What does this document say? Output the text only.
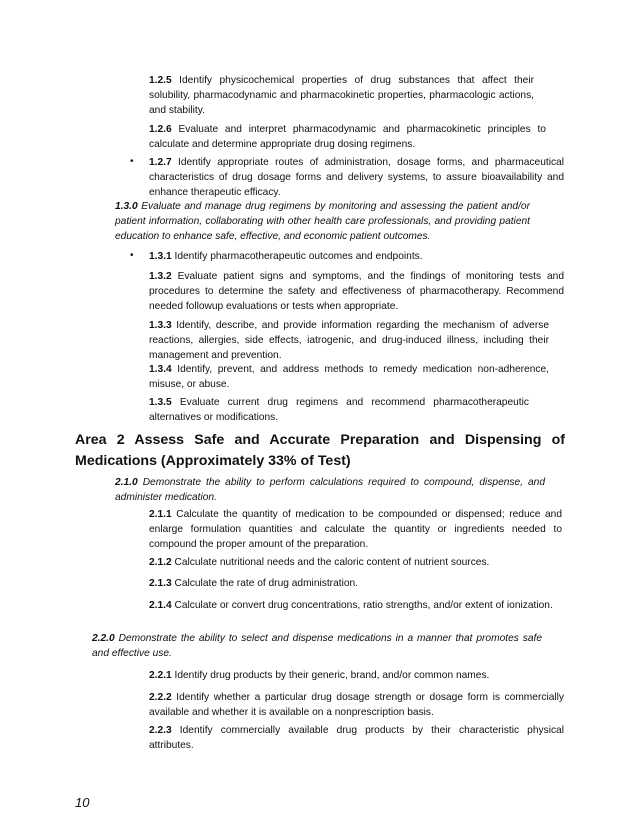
1.2.5 Identify physicochemical properties of drug substances that affect their solubility, pharmacodynamic and pharmacokinetic properties, pharmacologic actions, and stability.
1.2.6 Evaluate and interpret pharmacodynamic and pharmacokinetic principles to calculate and determine appropriate drug dosing regimens.
• 1.2.7 Identify appropriate routes of administration, dosage forms, and pharmaceutical characteristics of drug dosage forms and delivery systems, to assure bioavailability and enhance therapeutic efficacy.
1.3.0 Evaluate and manage drug regimens by monitoring and assessing the patient and/or patient information, collaborating with other health care professionals, and providing patient education to enhance safe, effective, and economic patient outcomes.
• 1.3.1 Identify pharmacotherapeutic outcomes and endpoints.
1.3.2 Evaluate patient signs and symptoms, and the findings of monitoring tests and procedures to determine the safety and effectiveness of pharmacotherapy. Recommend needed followup evaluations or tests when appropriate.
1.3.3 Identify, describe, and provide information regarding the mechanism of adverse reactions, allergies, side effects, iatrogenic, and drug-induced illness, including their management and prevention.
1.3.4 Identify, prevent, and address methods to remedy medication non-adherence, misuse, or abuse.
1.3.5 Evaluate current drug regimens and recommend pharmacotherapeutic alternatives or modifications.
Area 2 Assess Safe and Accurate Preparation and Dispensing of Medications (Approximately 33% of Test)
2.1.0 Demonstrate the ability to perform calculations required to compound, dispense, and administer medication.
2.1.1 Calculate the quantity of medication to be compounded or dispensed; reduce and enlarge formulation quantities and calculate the quantity or ingredients needed to compound the proper amount of the preparation.
2.1.2 Calculate nutritional needs and the caloric content of nutrient sources.
2.1.3 Calculate the rate of drug administration.
2.1.4 Calculate or convert drug concentrations, ratio strengths, and/or extent of ionization.
2.2.0 Demonstrate the ability to select and dispense medications in a manner that promotes safe and effective use.
2.2.1 Identify drug products by their generic, brand, and/or common names.
2.2.2 Identify whether a particular drug dosage strength or dosage form is commercially available and whether it is available on a nonprescription basis.
2.2.3 Identify commercially available drug products by their characteristic physical attributes.
10
